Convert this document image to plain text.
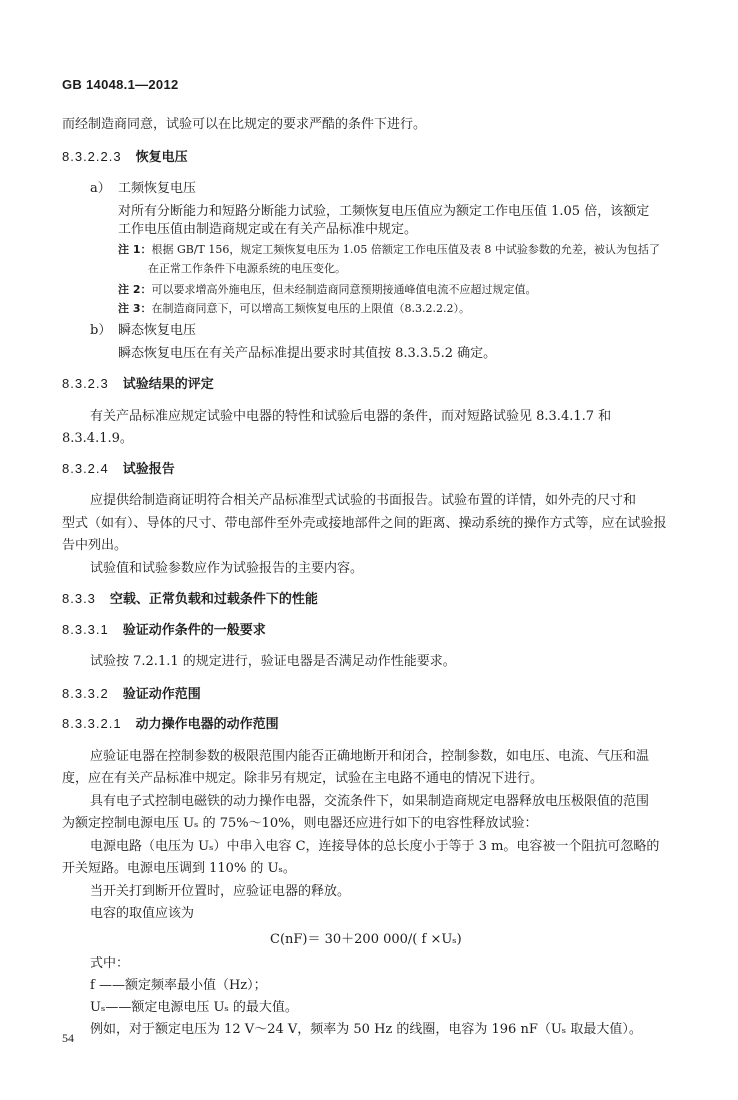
GB 14048.1—2012
而经制造商同意，试验可以在比规定的要求严酷的条件下进行。
8.3.2.2.3 恢复电压
a） 工频恢复电压
对所有分断能力和短路分断能力试验，工频恢复电压值应为额定工作电压值 1.05 倍，该额定
工作电压值由制造商规定或在有关产品标准中规定。
注 1：根据 GB/T 156，规定工频恢复电压为 1.05 倍额定工作电压值及表 8 中试验参数的允差，被认为包括了
在正常工作条件下电源系统的电压变化。
注 2：可以要求增高外施电压，但未经制造商同意预期接通峰值电流不应超过规定值。
注 3：在制造商同意下，可以增高工频恢复电压的上限值（8.3.2.2.2）。
b） 瞬态恢复电压
瞬态恢复电压在有关产品标准提出要求时其值按 8.3.3.5.2 确定。
8.3.2.3 试验结果的评定
有关产品标准应规定试验中电器的特性和试验后电器的条件，而对短路试验见 8.3.4.1.7 和
8.3.4.1.9。
8.3.2.4 试验报告
应提供给制造商证明符合相关产品标准型式试验的书面报告。试验布置的详情，如外壳的尺寸和
型式（如有）、导体的尺寸、带电部件至外壳或接地部件之间的距离、操动系统的操作方式等，应在试验报
告中列出。
试验值和试验参数应作为试验报告的主要内容。
8.3.3 空载、正常负载和过载条件下的性能
8.3.3.1 验证动作条件的一般要求
试验按 7.2.1.1 的规定进行，验证电器是否满足动作性能要求。
8.3.3.2 验证动作范围
8.3.3.2.1 动力操作电器的动作范围
应验证电器在控制参数的极限范围内能否正确地断开和闭合，控制参数，如电压、电流、气压和温
度，应在有关产品标准中规定。除非另有规定，试验在主电路不通电的情况下进行。
具有电子式控制电磁铁的动力操作电器，交流条件下，如果制造商规定电器释放电压极限值的范围
为额定控制电源电压 Uₛ 的 75%～10%，则电器还应进行如下的电容性释放试验：
电源电路（电压为 Uₛ）中串入电容 C，连接导体的总长度小于等于 3 m。电容被一个阻抗可忽略的
开关短路。电源电压调到 110% 的 Uₛ。
当开关打到断开位置时，应验证电器的释放。
电容的取值应该为
C(nF)＝ 30＋200 000/( f ×Uₛ)
式中：
f ——额定频率最小值（Hz）；
Uₛ——额定电源电压 Uₛ 的最大值。
例如，对于额定电压为 12 V～24 V，频率为 50 Hz 的线圈，电容为 196 nF（Uₛ 取最大值）。
54
